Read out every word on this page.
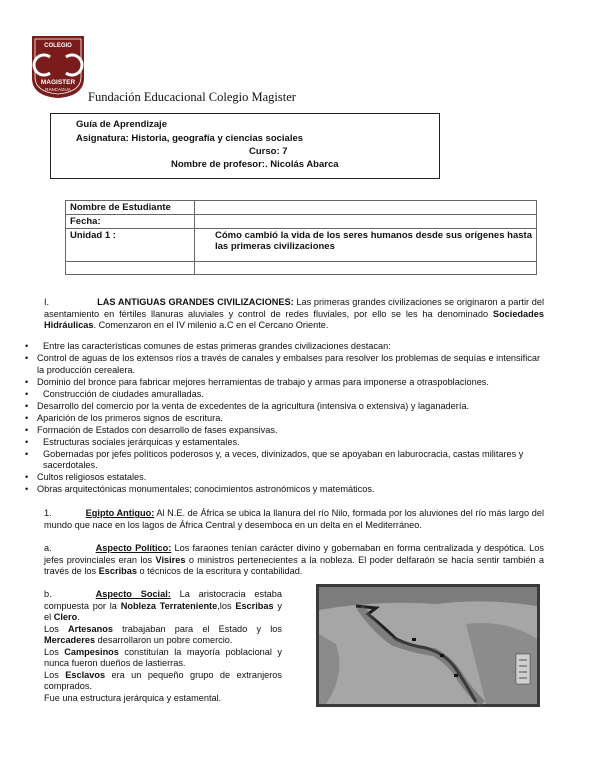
COLEGIO
MAGISTER
RANCAGUA
Fundación Educacional Colegio Magister
Guía de Aprendizaje
Asignatura: Historia, geografía y ciencias sociales
Curso: 7
Nombre de profesor:. Nicolás Abarca
Nombre de Estudiante	
Fecha:	
Unidad 1 :	Cómo cambió la vida de los seres humanos desde sus orígenes hasta las primeras civilizaciones

I.	LAS ANTIGUAS GRANDES CIVILIZACIONES: Las primeras grandes civilizaciones se originaron a partir del asentamiento en fértiles llanuras aluviales y control de redes fluviales, por ello se les ha denominado Sociedades Hidráulicas. Comenzaron en el IV milenio a.C en el Cercano Oriente.
• Entre las características comunes de estas primeras grandes civilizaciones destacan:
• Control de aguas de los extensos ríos a través de canales y embalses para resolver los problemas de sequías e intensificar la producción cerealera.
• Dominio del bronce para fabricar mejores herramientas de trabajo y armas para imponerse a otraspoblaciones.
• Construcción de ciudades amuralladas.
• Desarrollo del comercio por la venta de excedentes de la agricultura (intensiva o extensiva) y laganadería.
• Aparición de los primeros signos de escritura.
• Formación de Estados con desarrollo de fases expansivas.
• Estructuras sociales jerárquicas y estamentales.
• Gobernadas por jefes políticos poderosos y, a veces, divinizados, que se apoyaban en laburocracia, castas militares y sacerdotales.
• Cultos religiosos estatales.
• Obras arquitectónicas monumentales; conocimientos astronómicos y matemáticos.
1.	Egipto Antiguo: Al N.E. de África se ubica la llanura del río Nilo, formada por los aluviones del río más largo del mundo que nace en los lagos de África Central y desemboca en un delta en el Mediterráneo.
a.	Aspecto Político: Los faraones tenían carácter divino y gobernaban en forma centralizada y despótica. Los jefes provinciales eran los Visires o ministros pertenecientes a la nobleza. El poder delfaraón se hacía sentir también a través de los Escribas o técnicos de la escritura y contabilidad.
b.	Aspecto Social: La aristocracia estaba compuesta por la Nobleza Terrateniente,los Escribas y el Clero.
Los Artesanos trabajaban para el Estado y los Mercaderes desarrollaron un pobre comercio.
Los Campesinos constituían la mayoría poblacional y nunca fueron dueños de lastierras.
Los Esclavos era un pequeño grupo de extranjeros comprados.
Fue una estructura jerárquica y estamental.
